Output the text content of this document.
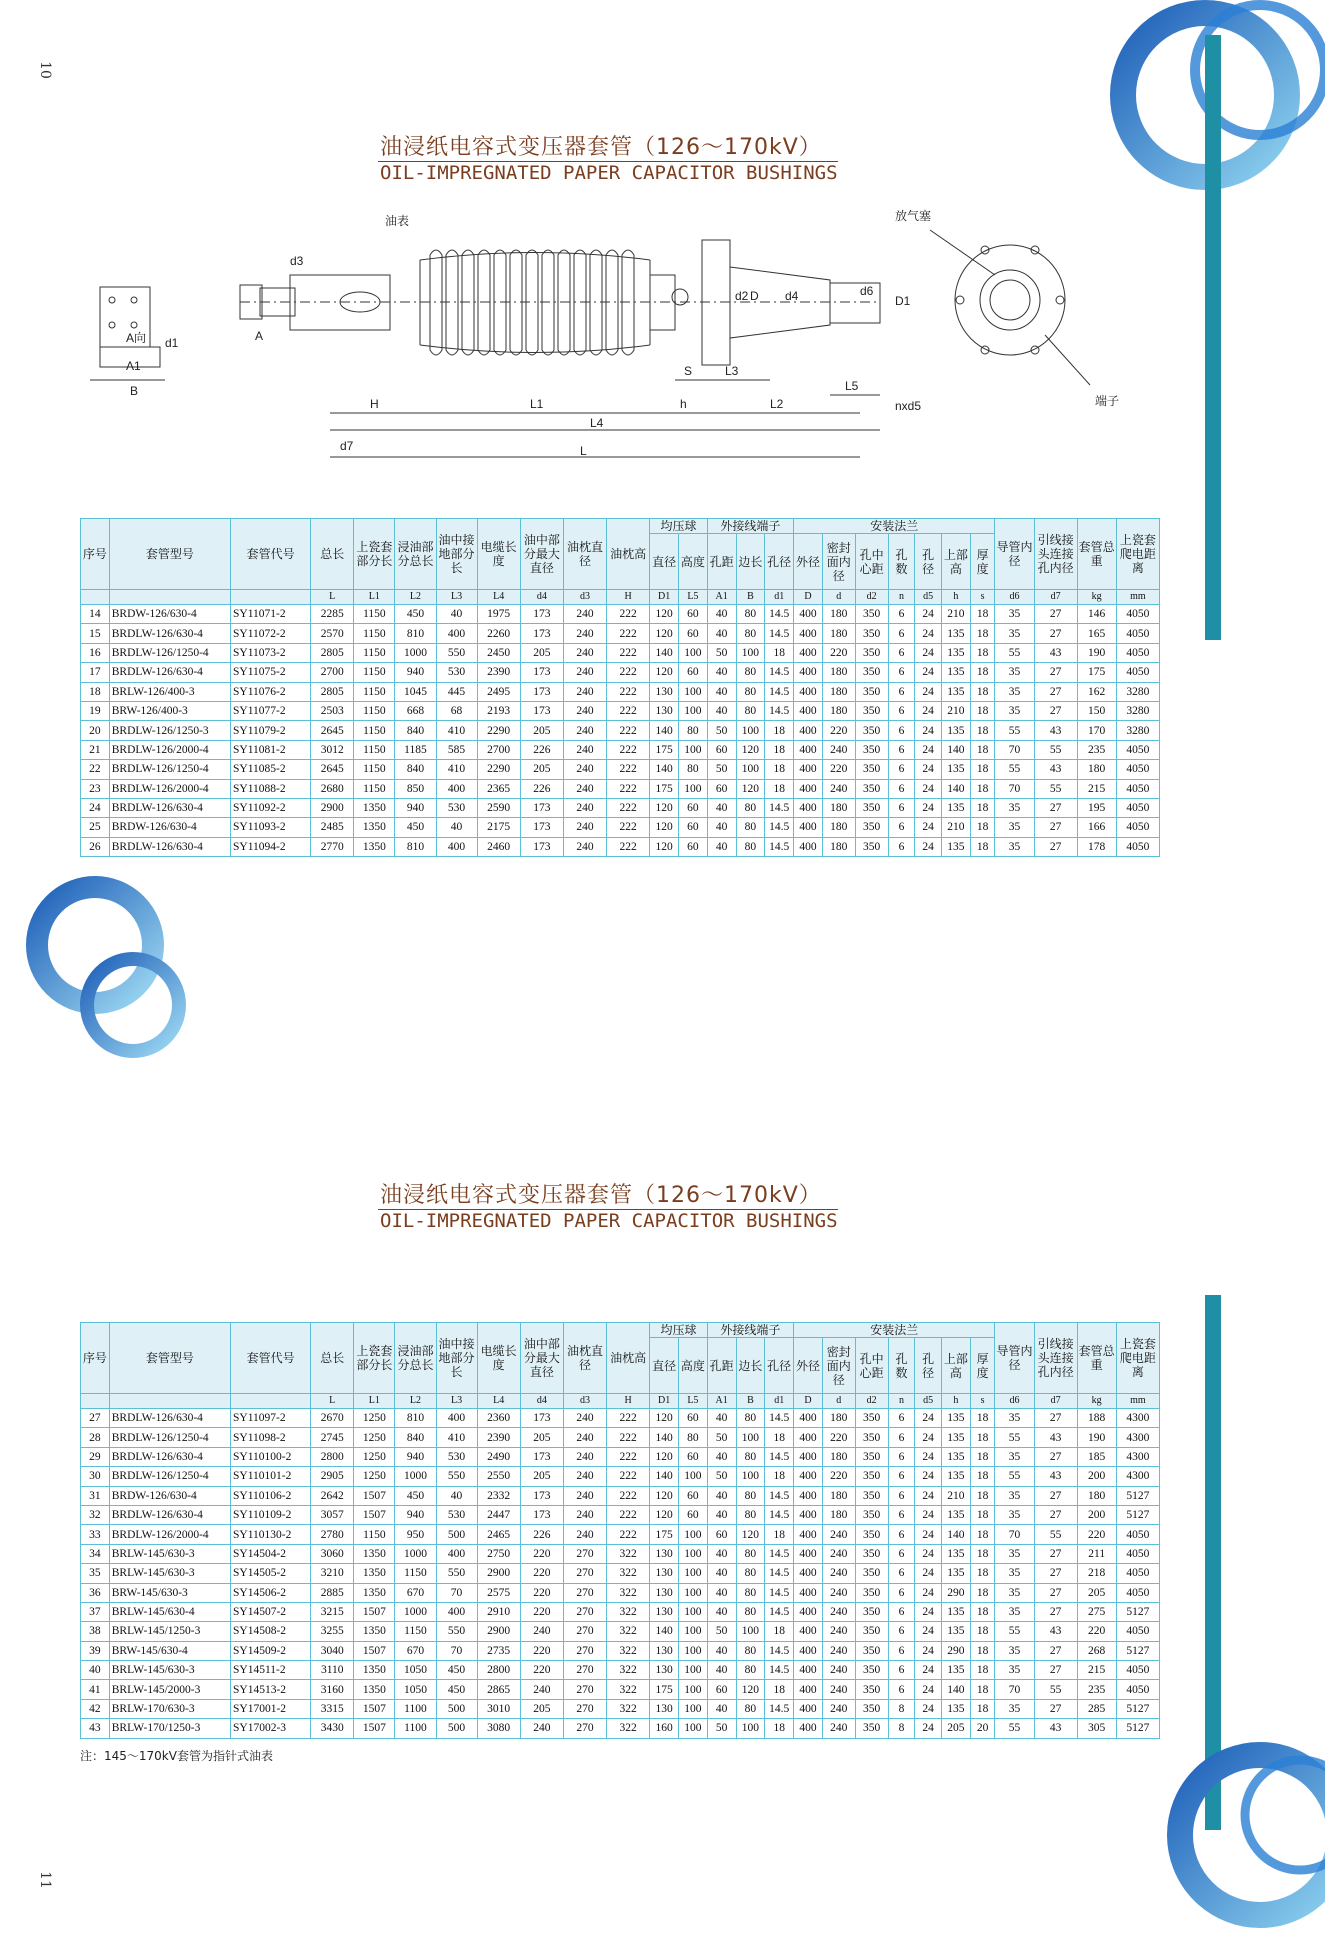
10
11
油浸纸电容式变压器套管（126～170kV）
OIL-IMPREGNATED PAPER CAPACITOR BUSHINGS
油表	放气塞
端子
A向	A
d1
d3
d2	d4	d6
D1
D
d7
A1
B
H	L1	h	L2
L3
L4
L5
L
S
nxd5
序号	套管型号	套管代号	总长	上瓷套部分长	浸油部分总长	油中接地部分长	电缆长度	油中部分最大直径	油枕直径	油枕高	均压球		外接线端子			安装法兰							导管内径	引线接头连接孔内径	套管总重	上瓷套爬电距离
											直径	高度	孔距	边长	孔径	外径	密封面内径	孔中心距	孔数	孔径	上部高	厚度				
			L	L1	L2	L3	L4	d4	d3	H	D1	L5	A1	B	d1	D	d	d2	n	d5	h	s	d6	d7	kg	mm
14	BRDW-126/630-4	SY11071-2	2285	1150	450	40	1975	173	240	222	120	60	40	80	14.5	400	180	350	6	24	210	18	35	27	146	4050
15	BRDLW-126/630-4	SY11072-2	2570	1150	810	400	2260	173	240	222	120	60	40	80	14.5	400	180	350	6	24	135	18	35	27	165	4050
16	BRDLW-126/1250-4	SY11073-2	2805	1150	1000	550	2450	205	240	222	140	100	50	100	18	400	220	350	6	24	135	18	55	43	190	4050
17	BRDLW-126/630-4	SY11075-2	2700	1150	940	530	2390	173	240	222	120	60	40	80	14.5	400	180	350	6	24	135	18	35	27	175	4050
18	BRLW-126/400-3	SY11076-2	2805	1150	1045	445	2495	173	240	222	130	100	40	80	14.5	400	180	350	6	24	135	18	35	27	162	3280
19	BRW-126/400-3	SY11077-2	2503	1150	668	68	2193	173	240	222	130	100	40	80	14.5	400	180	350	6	24	210	18	35	27	150	3280
20	BRDLW-126/1250-3	SY11079-2	2645	1150	840	410	2290	205	240	222	140	80	50	100	18	400	220	350	6	24	135	18	55	43	170	3280
21	BRDLW-126/2000-4	SY11081-2	3012	1150	1185	585	2700	226	240	222	175	100	60	120	18	400	240	350	6	24	140	18	70	55	235	4050
22	BRDLW-126/1250-4	SY11085-2	2645	1150	840	410	2290	205	240	222	140	80	50	100	18	400	220	350	6	24	135	18	55	43	180	4050
23	BRDLW-126/2000-4	SY11088-2	2680	1150	850	400	2365	226	240	222	175	100	60	120	18	400	240	350	6	24	140	18	70	55	215	4050
24	BRDLW-126/630-4	SY11092-2	2900	1350	940	530	2590	173	240	222	120	60	40	80	14.5	400	180	350	6	24	135	18	35	27	195	4050
25	BRDW-126/630-4	SY11093-2	2485	1350	450	40	2175	173	240	222	120	60	40	80	14.5	400	180	350	6	24	210	18	35	27	166	4050
26	BRDLW-126/630-4	SY11094-2	2770	1350	810	400	2460	173	240	222	120	60	40	80	14.5	400	180	350	6	24	135	18	35	27	178	4050
油浸纸电容式变压器套管（126～170kV）
OIL-IMPREGNATED PAPER CAPACITOR BUSHINGS
序号	套管型号	套管代号	总长	上瓷套部分长	浸油部分总长	油中接地部分长	电缆长度	油中部分最大直径	油枕直径	油枕高	均压球		外接线端子			安装法兰							导管内径	引线接头连接孔内径	套管总重	上瓷套爬电距离
											直径	高度	孔距	边长	孔径	外径	密封面内径	孔中心距	孔数	孔径	上部高	厚度				
			L	L1	L2	L3	L4	d4	d3	H	D1	L5	A1	B	d1	D	d	d2	n	d5	h	s	d6	d7	kg	mm
27	BRDLW-126/630-4	SY11097-2	2670	1250	810	400	2360	173	240	222	120	60	40	80	14.5	400	180	350	6	24	135	18	35	27	188	4300
28	BRDLW-126/1250-4	SY11098-2	2745	1250	840	410	2390	205	240	222	140	80	50	100	18	400	220	350	6	24	135	18	55	43	190	4300
29	BRDLW-126/630-4	SY110100-2	2800	1250	940	530	2490	173	240	222	120	60	40	80	14.5	400	180	350	6	24	135	18	35	27	185	4300
30	BRDLW-126/1250-4	SY110101-2	2905	1250	1000	550	2550	205	240	222	140	100	50	100	18	400	220	350	6	24	135	18	55	43	200	4300
31	BRDW-126/630-4	SY110106-2	2642	1507	450	40	2332	173	240	222	120	60	40	80	14.5	400	180	350	6	24	210	18	35	27	180	5127
32	BRDLW-126/630-4	SY110109-2	3057	1507	940	530	2447	173	240	222	120	60	40	80	14.5	400	180	350	6	24	135	18	35	27	200	5127
33	BRDLW-126/2000-4	SY110130-2	2780	1150	950	500	2465	226	240	222	175	100	60	120	18	400	240	350	6	24	140	18	70	55	220	4050
34	BRLW-145/630-3	SY14504-2	3060	1350	1000	400	2750	220	270	322	130	100	40	80	14.5	400	240	350	6	24	135	18	35	27	211	4050
35	BRLW-145/630-3	SY14505-2	3210	1350	1150	550	2900	220	270	322	130	100	40	80	14.5	400	240	350	6	24	135	18	35	27	218	4050
36	BRW-145/630-3	SY14506-2	2885	1350	670	70	2575	220	270	322	130	100	40	80	14.5	400	240	350	6	24	290	18	35	27	205	4050
37	BRLW-145/630-4	SY14507-2	3215	1507	1000	400	2910	220	270	322	130	100	40	80	14.5	400	240	350	6	24	135	18	35	27	275	5127
38	BRLW-145/1250-3	SY14508-2	3255	1350	1150	550	2900	240	270	322	140	100	50	100	18	400	240	350	6	24	135	18	55	43	220	4050
39	BRW-145/630-4	SY14509-2	3040	1507	670	70	2735	220	270	322	130	100	40	80	14.5	400	240	350	6	24	290	18	35	27	268	5127
40	BRLW-145/630-3	SY14511-2	3110	1350	1050	450	2800	220	270	322	130	100	40	80	14.5	400	240	350	6	24	135	18	35	27	215	4050
41	BRLW-145/2000-3	SY14513-2	3160	1350	1050	450	2865	240	270	322	175	100	60	120	18	400	240	350	6	24	140	18	70	55	235	4050
42	BRLW-170/630-3	SY17001-2	3315	1507	1100	500	3010	205	270	322	130	100	40	80	14.5	400	240	350	8	24	135	18	35	27	285	5127
43	BRLW-170/1250-3	SY17002-3	3430	1507	1100	500	3080	240	270	322	160	100	50	100	18	400	240	350	8	24	205	20	55	43	305	5127
注：145～170kV套管为指针式油表
